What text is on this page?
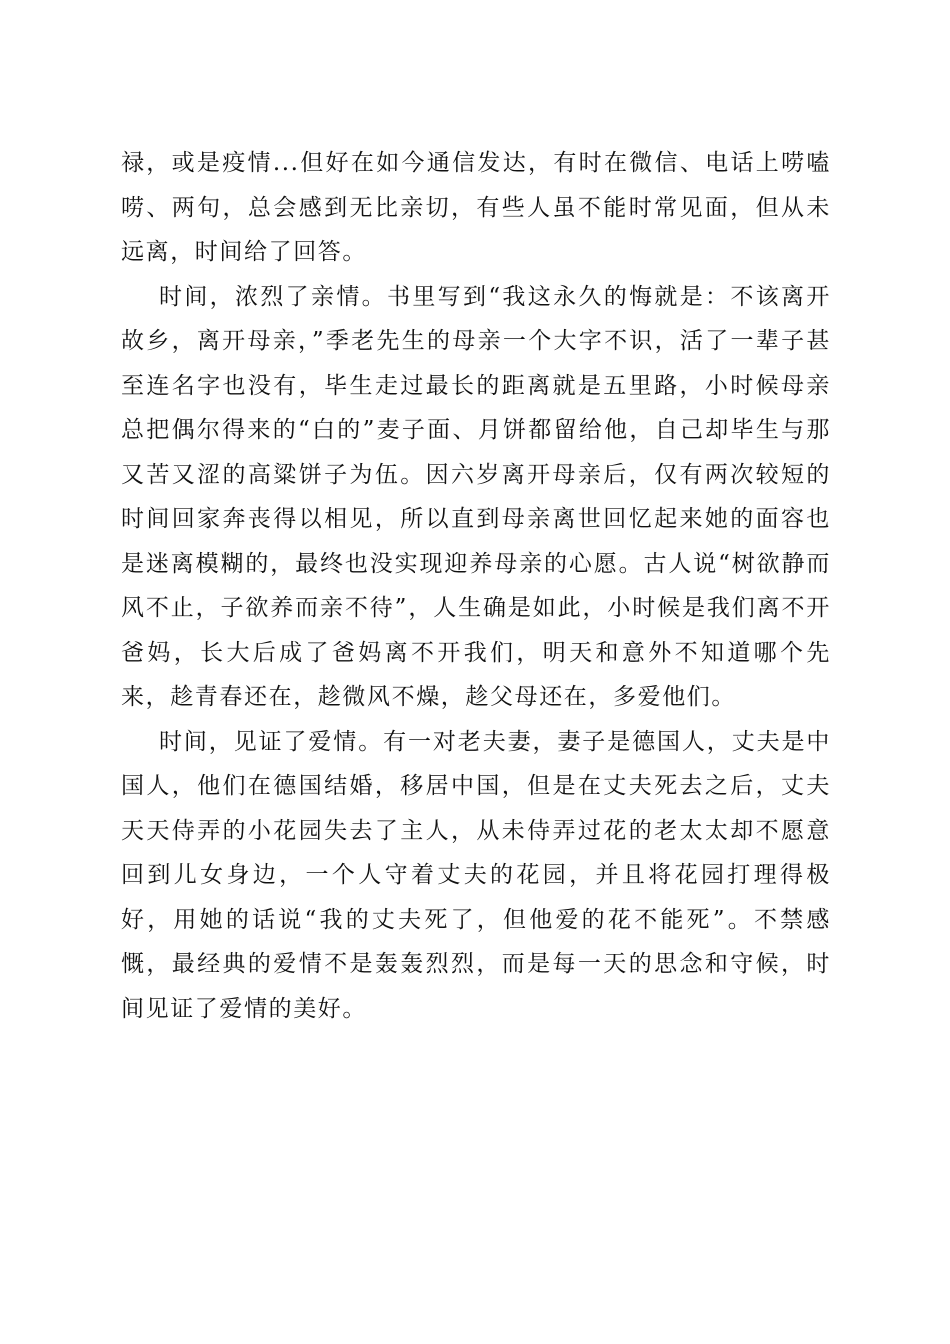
禄，或是疫情...但好在如今通信发达，有时在微信、电话上唠嗑唠、两句，总会感到无比亲切，有些人虽不能时常见面，但从未远离，时间给了回答。

时间，浓烈了亲情。书里写到“我这永久的悔就是：不该离开故乡，离开母亲，”季老先生的母亲一个大字不识，活了一辈子甚至连名字也没有，毕生走过最长的距离就是五里路，小时候母亲总把偶尔得来的“白的”麦子面、月饼都留给他，自己却毕生与那又苦又涩的高粱饼子为伍。因六岁离开母亲后，仅有两次较短的时间回家奔丧得以相见，所以直到母亲离世回忆起来她的面容也是迷离模糊的，最终也没实现迎养母亲的心愿。古人说“树欲静而风不止，子欲养而亲不待”，人生确是如此，小时候是我们离不开爸妈，长大后成了爸妈离不开我们，明天和意外不知道哪个先来，趁青春还在，趁微风不燥，趁父母还在，多爱他们。

时间，见证了爱情。有一对老夫妻，妻子是德国人，丈夫是中国人，他们在德国结婚，移居中国，但是在丈夫死去之后，丈夫天天侍弄的小花园失去了主人，从未侍弄过花的老太太却不愿意回到儿女身边，一个人守着丈夫的花园，并且将花园打理得极好，用她的话说“我的丈夫死了，但他爱的花不能死”。不禁感慨，最经典的爱情不是轰轰烈烈，而是每一天的思念和守候，时间见证了爱情的美好。
